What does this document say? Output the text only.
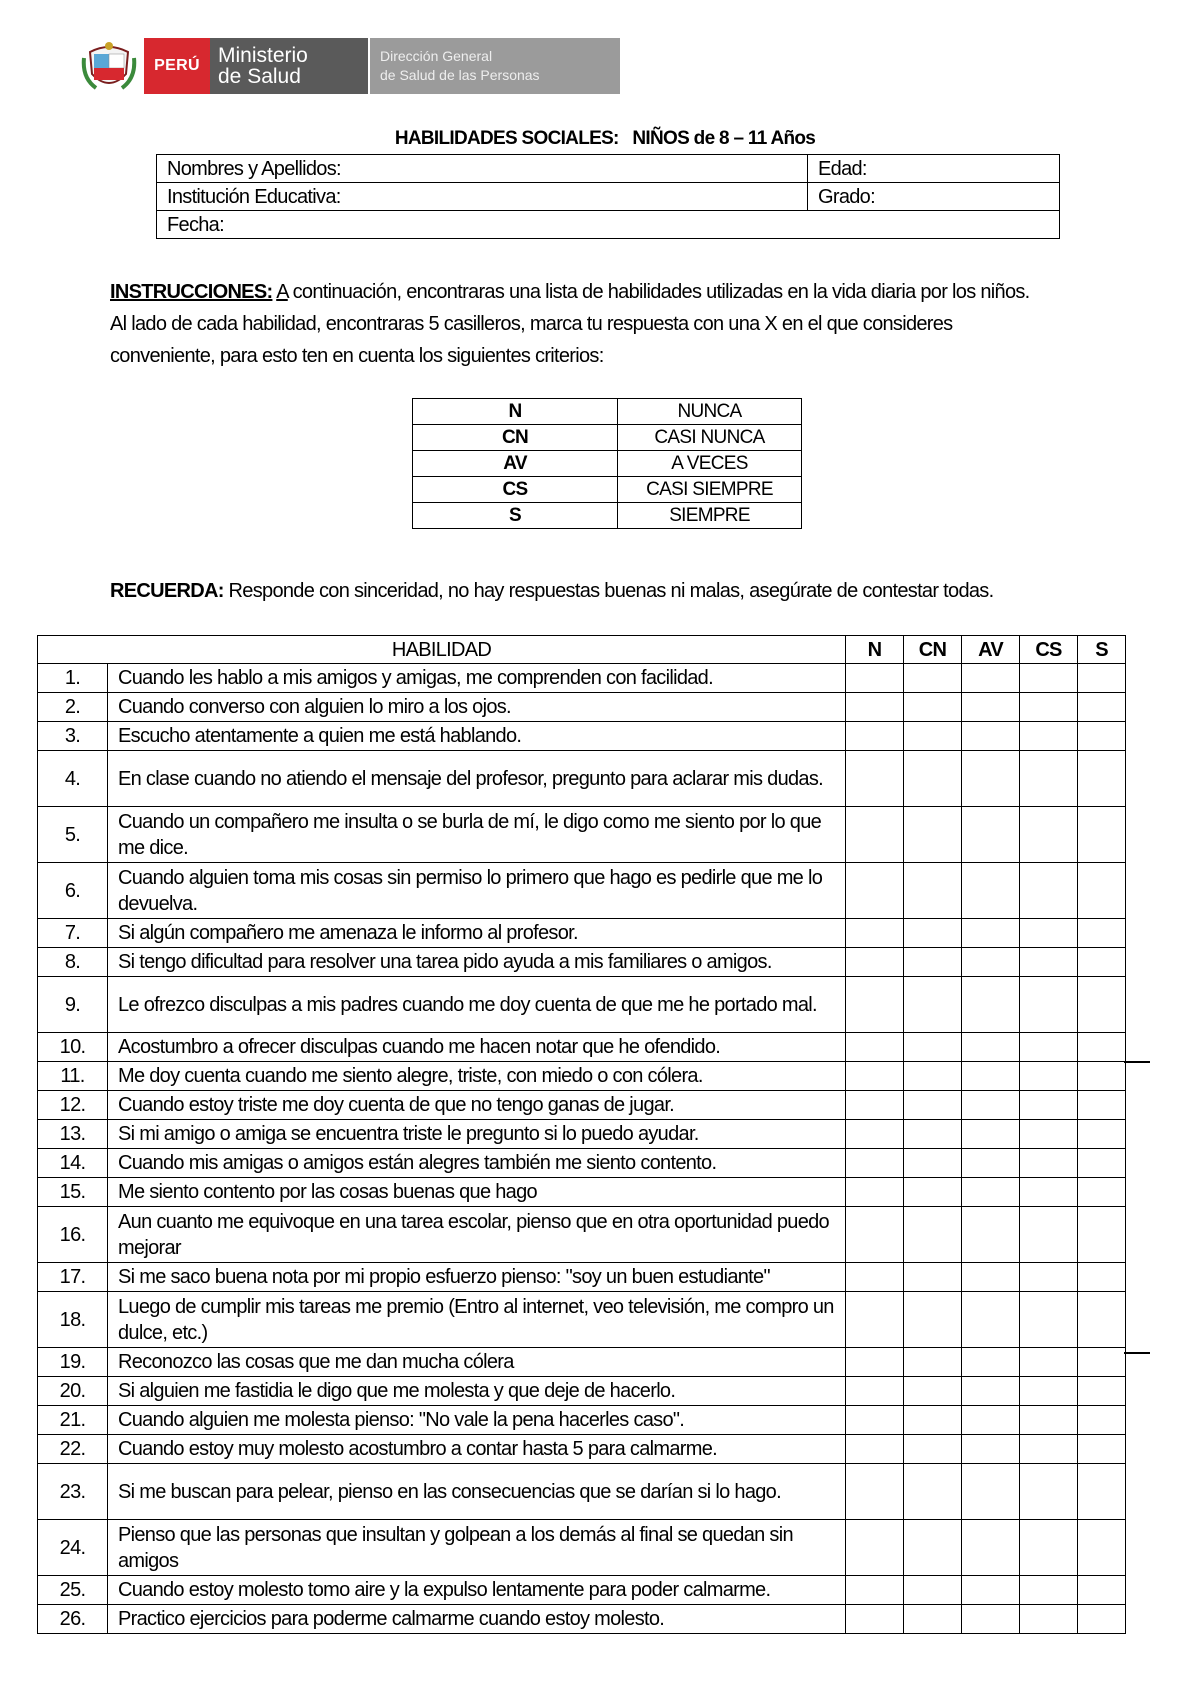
PERÚ Ministerio
de Salud
Dirección General
de Salud de las Personas
HABILIDADES SOCIALES:   NIÑOS de 8 – 11 Años
Nombres y Apellidos:	Edad:
Institución Educativa:	Grado:
Fecha:	
INSTRUCCIONES: A continuación, encontraras una lista de habilidades utilizadas en la vida diaria por los niños.
Al lado de cada habilidad, encontraras 5 casilleros, marca tu respuesta con una X en el que consideres
conveniente, para esto ten en cuenta los siguientes criterios:
N	NUNCA
CN	CASI NUNCA
AV	A VECES
CS	CASI SIEMPRE
S	SIEMPRE
RECUERDA: Responde con sinceridad, no hay respuestas buenas ni malas, asegúrate de contestar todas.
HABILIDAD		N	CN	AV	CS	S
1.	Cuando les hablo a mis amigos y amigas, me comprenden con facilidad.					
2.	Cuando converso con alguien lo miro a los ojos.					
3.	Escucho atentamente a quien me está hablando.					
4.	En clase cuando no atiendo el mensaje del profesor, pregunto para aclarar mis dudas.					
5.	Cuando un compañero me insulta o se burla de mí, le digo como me siento por lo que me dice.					
6.	Cuando alguien toma mis cosas sin permiso lo primero que hago es pedirle que me lo devuelva.					
7.	Si algún compañero me amenaza le informo al profesor.					
8.	Si tengo dificultad para resolver una tarea pido ayuda a mis familiares o amigos.					
9.	Le ofrezco disculpas a mis padres cuando me doy cuenta de que me he portado mal.					
10.	Acostumbro a ofrecer disculpas cuando me hacen notar que he ofendido.					
11.	Me doy cuenta cuando me siento alegre, triste, con miedo o con cólera.					
12.	Cuando estoy triste me doy cuenta de que no tengo ganas de jugar.					
13.	Si mi amigo o amiga se encuentra triste le pregunto si lo puedo ayudar.					
14.	Cuando mis amigas o amigos están alegres también me siento contento.					
15.	Me siento contento por las cosas buenas que hago					
16.	Aun cuanto me equivoque en una tarea escolar, pienso que en otra oportunidad puedo mejorar					
17.	Si me saco buena nota por mi propio esfuerzo pienso: "soy un buen estudiante"					
18.	Luego de cumplir mis tareas me premio (Entro al internet, veo televisión, me compro un dulce, etc.)					
19.	Reconozco las cosas que me dan mucha cólera					
20.	Si alguien me fastidia le digo que me molesta y que deje de hacerlo.					
21.	Cuando alguien me molesta pienso: "No vale la pena hacerles caso".					
22.	Cuando estoy muy molesto acostumbro a contar hasta 5 para calmarme.					
23.	Si me buscan para pelear, pienso en las consecuencias que se darían si lo hago.					
24.	Pienso que las personas que insultan y golpean a los demás al final se quedan sin amigos					
25.	Cuando estoy molesto tomo aire y la expulso lentamente para poder calmarme.					
26.	Practico ejercicios para poderme calmarme cuando estoy molesto.					
